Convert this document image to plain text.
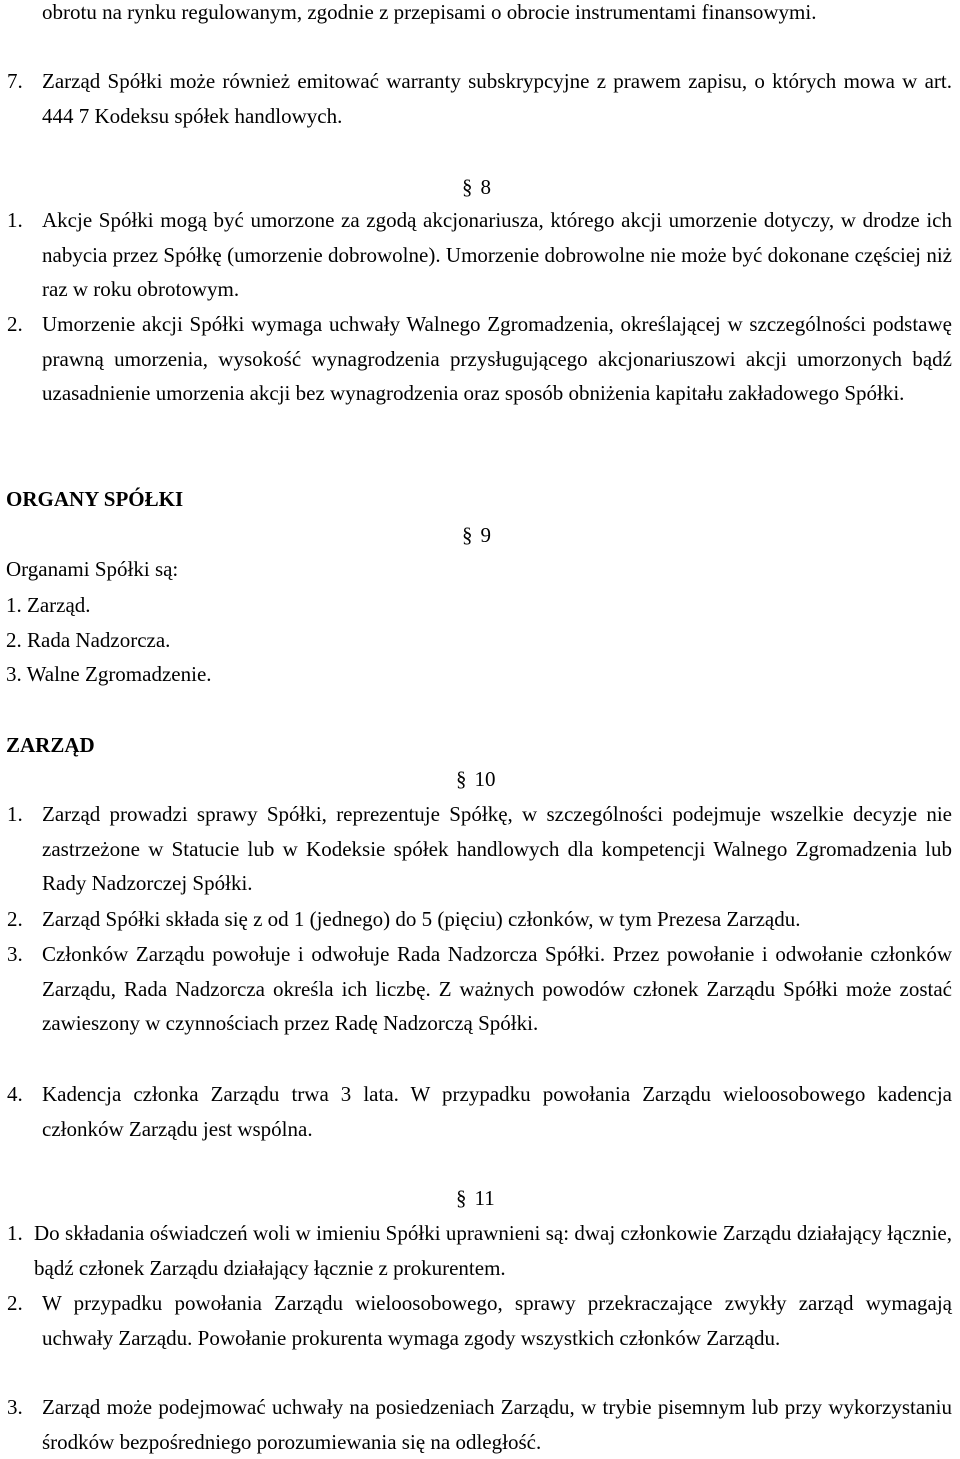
obrotu na rynku regulowanym, zgodnie z przepisami o obrocie instrumentami finansowymi.
7. Zarząd Spółki może również emitować warranty subskrypcyjne z prawem zapisu, o których mowa w art. 444 7 Kodeksu spółek handlowych.
§ 8
1. Akcje Spółki mogą być umorzone za zgodą akcjonariusza, którego akcji umorzenie dotyczy, w drodze ich nabycia przez Spółkę (umorzenie dobrowolne). Umorzenie dobrowolne nie może być dokonane częściej niż raz w roku obrotowym.
2. Umorzenie akcji Spółki wymaga uchwały Walnego Zgromadzenia, określającej w szczególności podstawę prawną umorzenia, wysokość wynagrodzenia przysługującego akcjonariuszowi akcji umorzonych bądź uzasadnienie umorzenia akcji bez wynagrodzenia oraz sposób obniżenia kapitału zakładowego Spółki.
ORGANY SPÓŁKI
§ 9
Organami Spółki są:
1. Zarząd.
2. Rada Nadzorcza.
3. Walne Zgromadzenie.
ZARZĄD
§ 10
1. Zarząd prowadzi sprawy Spółki, reprezentuje Spółkę, w szczególności podejmuje wszelkie decyzje nie zastrzeżone w Statucie lub w Kodeksie spółek handlowych dla kompetencji Walnego Zgromadzenia lub Rady Nadzorczej Spółki.
2. Zarząd Spółki składa się z od 1 (jednego) do 5 (pięciu) członków, w tym Prezesa Zarządu.
3. Członków Zarządu powołuje i odwołuje Rada Nadzorcza Spółki. Przez powołanie i odwołanie członków Zarządu, Rada Nadzorcza określa ich liczbę. Z ważnych powodów członek Zarządu Spółki może zostać zawieszony w czynnościach przez Radę Nadzorczą Spółki.
4. Kadencja członka Zarządu trwa 3 lata. W przypadku powołania Zarządu wieloosobowego kadencja członków Zarządu jest wspólna.
§ 11
1. Do składania oświadczeń woli w imieniu Spółki uprawnieni są: dwaj członkowie Zarządu działający łącznie, bądź członek Zarządu działający łącznie z prokurentem.
2. W przypadku powołania Zarządu wieloosobowego, sprawy przekraczające zwykły zarząd wymagają uchwały Zarządu. Powołanie prokurenta wymaga zgody wszystkich członków Zarządu.
3. Zarząd może podejmować uchwały na posiedzeniach Zarządu, w trybie pisemnym lub przy wykorzystaniu środków bezpośredniego porozumiewania się na odległość.
